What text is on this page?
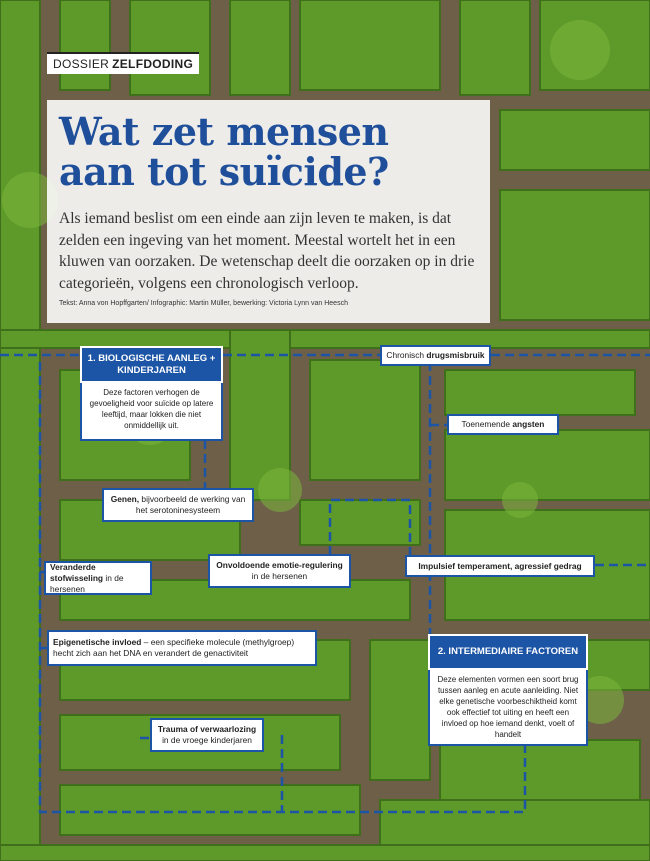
DOSSIER ZELFDODING
Wat zet mensen
aan tot suïcide?
Als iemand beslist om een einde aan zijn leven te maken, is dat zelden een ingeving van het moment. Meestal wortelt het in een kluwen van oorzaken. De wetenschap deelt die oorzaken op in drie categorieën, volgens een chronologisch verloop.
Tekst: Anna von Hopffgarten/ Infographic: Martin Müller, bewerking: Victoria Lynn van Heesch
1. BIOLOGISCHE AANLEG + KINDERJAREN
Deze factoren verhogen de gevoeligheid voor suïcide op latere leeftijd, maar lokken die niet onmiddellijk uit.
Genen, bijvoorbeeld de werking van het serotoninesysteem
Veranderde stofwisseling in de hersenen
Onvoldoende emotie-regulering in de hersenen
Epigenetische invloed – een specifieke molecule (methylgroep) hecht zich aan het DNA en verandert de genactiviteit
Trauma of verwaarlozing in de vroege kinderjaren
Chronisch drugsmisbruik
Toenemende angsten
Impulsief temperament, agressief gedrag
2. INTERMEDIAIRE FACTOREN
Deze elementen vormen een soort brug tussen aanleg en acute aanleiding. Niet elke genetische voorbeschiktheid komt ook effectief tot uiting en heeft een invloed op hoe iemand denkt, voelt of handelt
